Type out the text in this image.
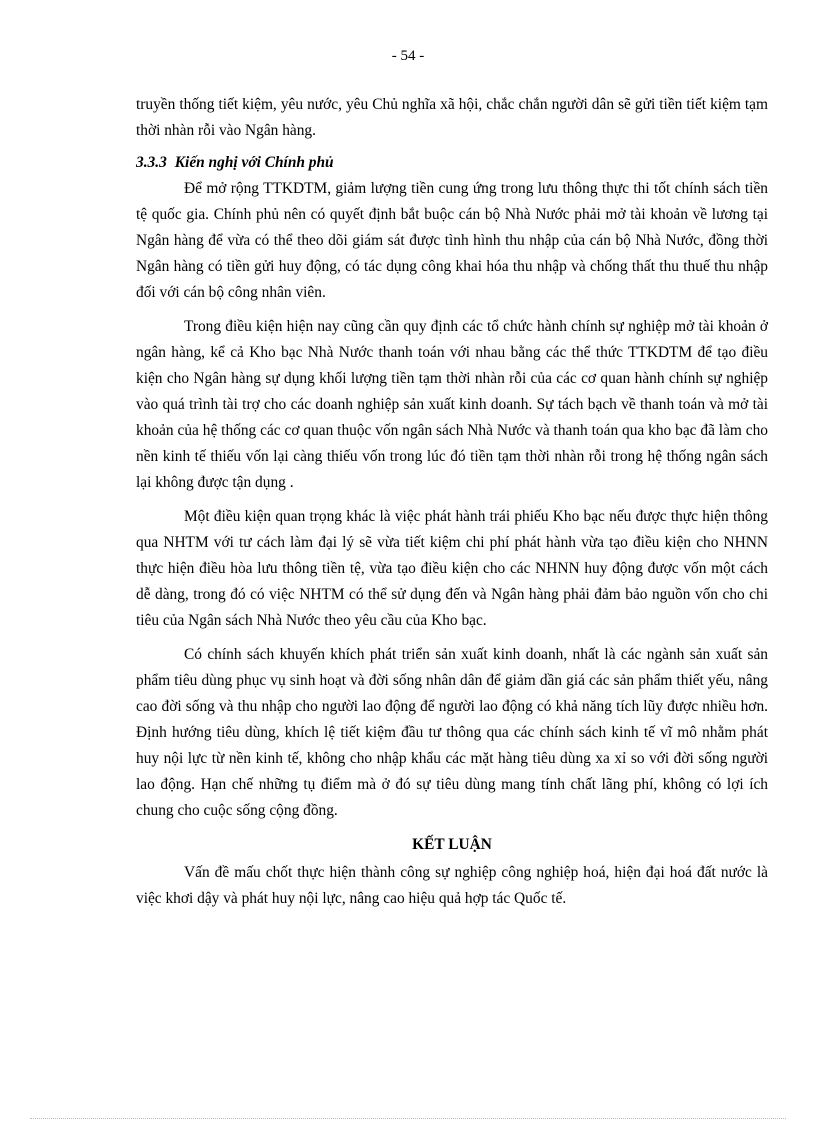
- 54 -

truyền thống tiết kiệm, yêu nước, yêu Chủ nghĩa xã hội, chắc chắn người dân sẽ gửi tiền tiết kiệm tạm thời nhàn rỗi vào Ngân hàng.

3.3.3 Kiến nghị với Chính phủ

Để mở rộng TTKDTM, giảm lượng tiền cung ứng trong lưu thông thực thi tốt chính sách tiền tệ quốc gia. Chính phủ nên có quyết định bắt buộc cán bộ Nhà Nước phải mở tài khoản về lương tại Ngân hàng để vừa có thể theo dõi giám sát được tình hình thu nhập của cán bộ Nhà Nước, đồng thời Ngân hàng có tiền gửi huy động, có tác dụng công khai hóa thu nhập và chống thất thu thuế thu nhập đối với cán bộ công nhân viên.

Trong điều kiện hiện nay cũng cần quy định các tổ chức hành chính sự nghiệp mở tài khoản ở ngân hàng, kể cả Kho bạc Nhà Nước thanh toán với nhau bằng các thể thức TTKDTM để tạo điều kiện cho Ngân hàng sự dụng khối lượng tiền tạm thời nhàn rỗi của các cơ quan hành chính sự nghiệp vào quá trình tài trợ cho các doanh nghiệp sản xuất kinh doanh. Sự tách bạch về thanh toán và mở tài khoản của hệ thống các cơ quan thuộc vốn ngân sách Nhà Nước và thanh toán qua kho bạc đã làm cho nền kinh tế thiếu vốn lại càng thiếu vốn trong lúc đó tiền tạm thời nhàn rỗi trong hệ thống ngân sách lại không được tận dụng .

Một điều kiện quan trọng khác là việc phát hành trái phiếu Kho bạc nếu được thực hiện thông qua NHTM với tư cách làm đại lý sẽ vừa tiết kiệm chi phí phát hành vừa tạo điều kiện cho NHNN thực hiện điều hòa lưu thông tiền tệ, vừa tạo điều kiện cho các NHNN huy động được vốn một cách dễ dàng, trong đó có việc NHTM có thể sử dụng đến và Ngân hàng phải đảm bảo nguồn vốn cho chi tiêu của Ngân sách Nhà Nước theo yêu cầu của Kho bạc.

Có chính sách khuyến khích phát triển sản xuất kinh doanh, nhất là các ngành sản xuất sản phẩm tiêu dùng phục vụ sinh hoạt và đời sống nhân dân để giảm dần giá các sản phẩm thiết yếu, nâng cao đời sống và thu nhập cho người lao động để người lao động có khả năng tích lũy được nhiều hơn. Định hướng tiêu dùng, khích lệ tiết kiệm đầu tư thông qua các chính sách kinh tế vĩ mô nhằm phát huy nội lực từ nền kinh tế, không cho nhập khẩu các mặt hàng tiêu dùng xa xỉ so với đời sống người lao động. Hạn chế những tụ điểm mà ở đó sự tiêu dùng mang tính chất lãng phí, không có lợi ích chung cho cuộc sống cộng đồng.

KẾT LUẬN

Vấn đề mấu chốt thực hiện thành công sự nghiệp công nghiệp hoá, hiện đại hoá đất nước là việc khơi dậy và phát huy nội lực, nâng cao hiệu quả hợp tác Quốc tế.
